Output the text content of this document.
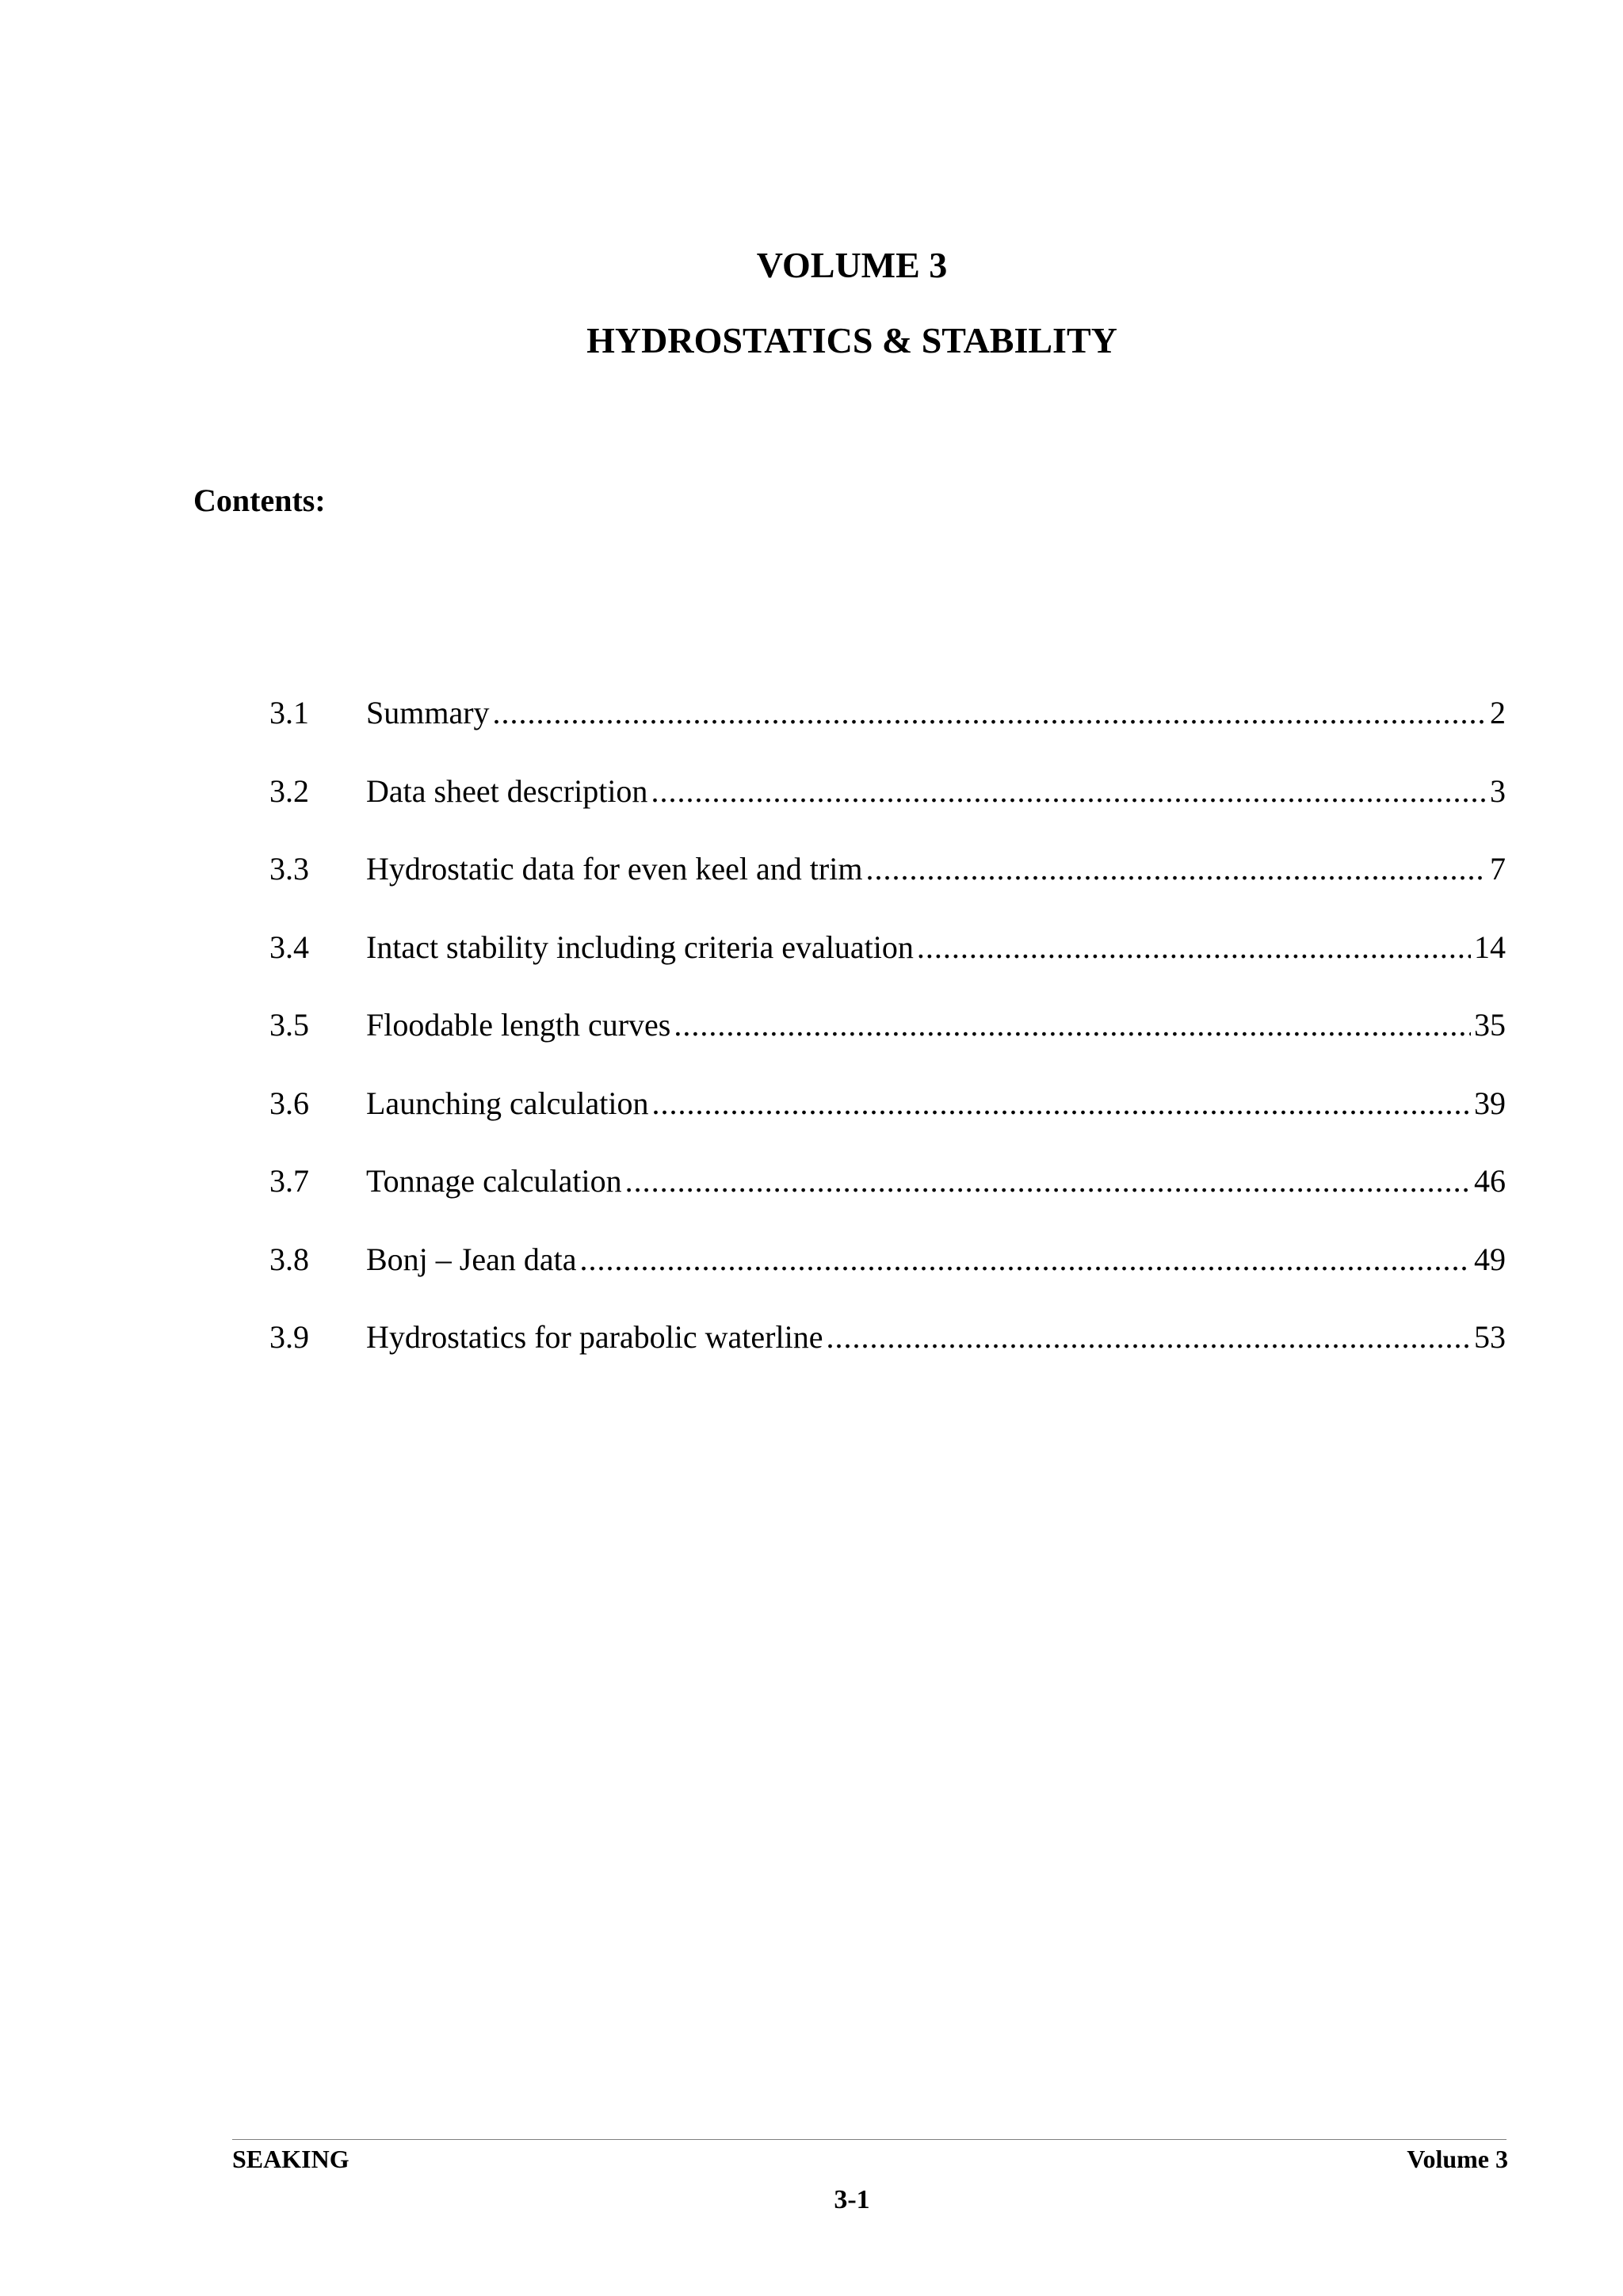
VOLUME 3
HYDROSTATICS & STABILITY
Contents:
3.1	Summary .....	2
3.2	Data sheet description .....	3
3.3	Hydrostatic data for even keel and trim .....	7
3.4	Intact stability including criteria evaluation .....	14
3.5	Floodable length curves .....	35
3.6	Launching calculation .....	39
3.7	Tonnage calculation .....	46
3.8	Bonj – Jean data .....	49
3.9	Hydrostatics for parabolic waterline .....	53
SEAKING	Volume 3
3-1
